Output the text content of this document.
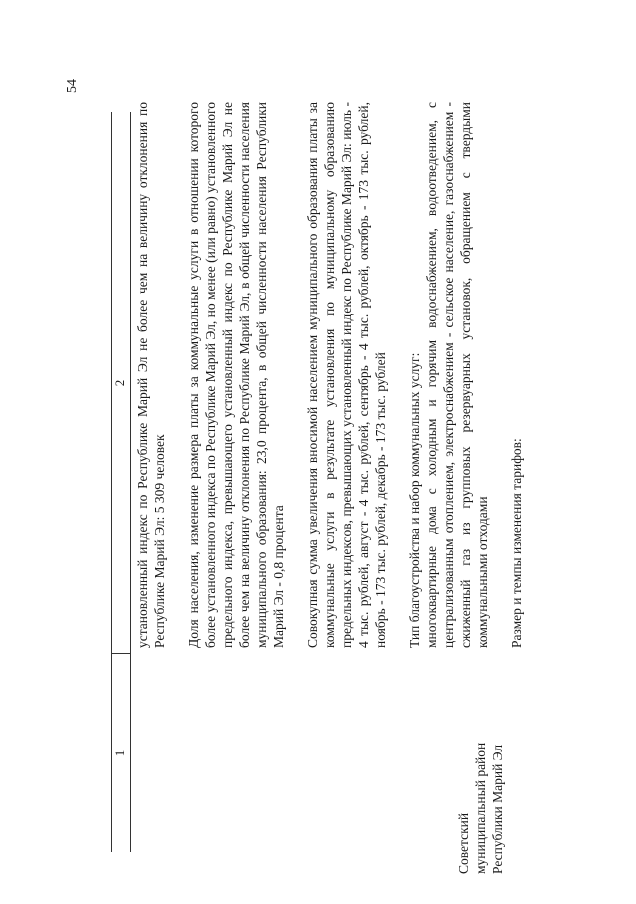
54
1
2
Советский муниципальный район Республики Марий Эл

установленный индекс по Республике Марий Эл не более чем на величину отклонения по Республике Марий Эл: 5 309 человек Доля населения, изменение размера платы за коммунальные услуги в отношении которого более установленного индекса по Республике Марий Эл, но менее (или равно) установленного предельного индекса, превышающего установленный индекс по Республике Марий Эл не более чем на величину отклонения по Республике Марий Эл, в общей численности населения муниципального образования: 23,0 процента, в общей численности населения Республики Марий Эл - 0,8 процента Совокупная сумма увеличения вносимой населением муниципального образования платы за коммунальные услуги в результате установления по муниципальному образованию предельных индексов, превышающих установленный индекс по Республике Марий Эл: июль - 4 тыс. рублей, август - 4 тыс. рублей, сентябрь - 4 тыс. рублей, октябрь - 173 тыс. рублей, ноябрь - 173 тыс. рублей, декабрь - 173 тыс. рублей Тип благоустройства и набор коммунальных услуг: многоквартирные дома с холодным и горячим водоснабжением, водоотведением, с централизованным отоплением, электроснабжением - сельское население, газоснабжением - сжиженный газ из групповых резервуарных установок, обращением с твердыми коммунальными отходами Размер и темпы изменения тарифов:
